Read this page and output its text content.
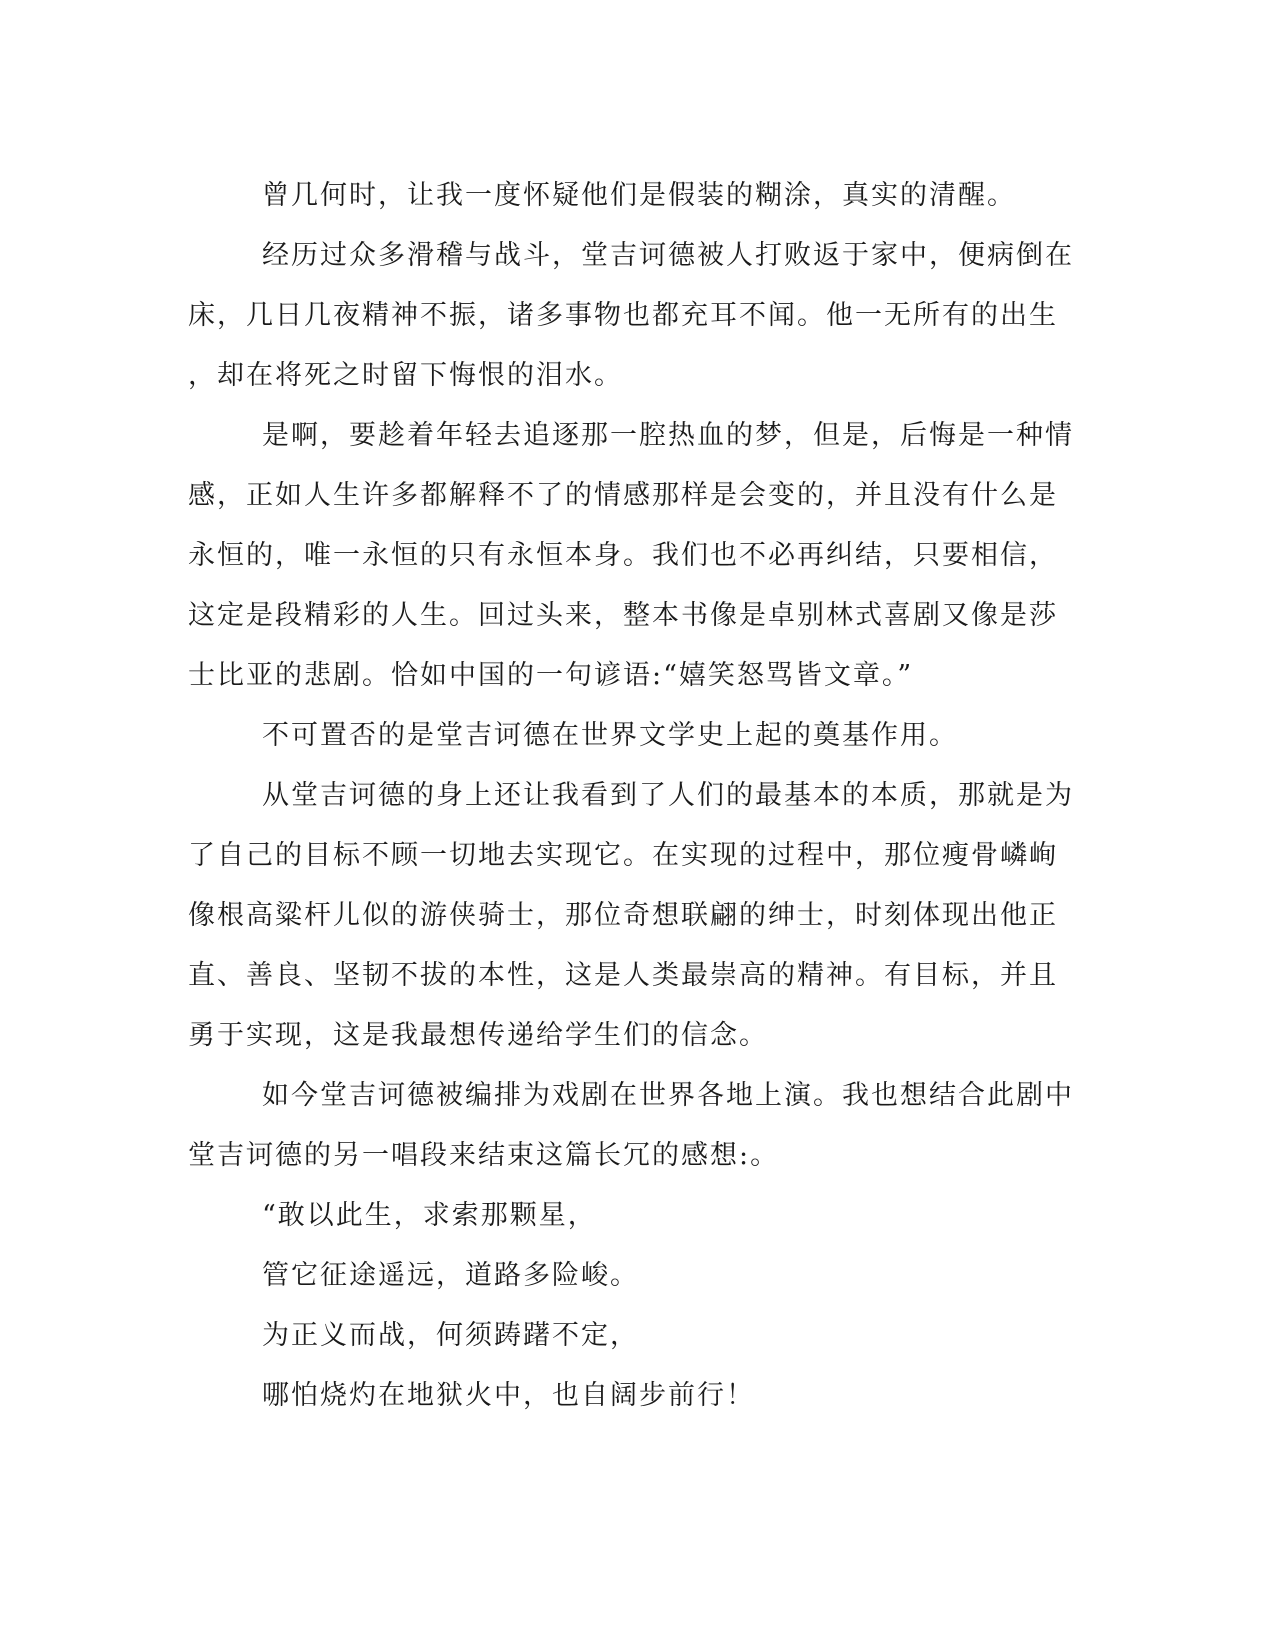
曾几何时，让我一度怀疑他们是假装的糊涂，真实的清醒。
经历过众多滑稽与战斗，堂吉诃德被人打败返于家中，便病倒在
床，几日几夜精神不振，诸多事物也都充耳不闻。他一无所有的出生
，却在将死之时留下悔恨的泪水。
是啊，要趁着年轻去追逐那一腔热血的梦，但是，后悔是一种情
感，正如人生许多都解释不了的情感那样是会变的，并且没有什么是
永恒的，唯一永恒的只有永恒本身。我们也不必再纠结，只要相信，
这定是段精彩的人生。回过头来，整本书像是卓别林式喜剧又像是莎
士比亚的悲剧。恰如中国的一句谚语:“嬉笑怒骂皆文章。”
不可置否的是堂吉诃德在世界文学史上起的奠基作用。
从堂吉诃德的身上还让我看到了人们的最基本的本质，那就是为
了自己的目标不顾一切地去实现它。在实现的过程中，那位瘦骨嶙峋
像根高粱杆儿似的游侠骑士，那位奇想联翩的绅士，时刻体现出他正
直、善良、坚韧不拔的本性，这是人类最崇高的精神。有目标，并且
勇于实现，这是我最想传递给学生们的信念。
如今堂吉诃德被编排为戏剧在世界各地上演。我也想结合此剧中
堂吉诃德的另一唱段来结束这篇长冗的感想:。
“敢以此生，求索那颗星，
管它征途遥远，道路多险峻。
为正义而战，何须踌躇不定，
哪怕烧灼在地狱火中，也自阔步前行！
